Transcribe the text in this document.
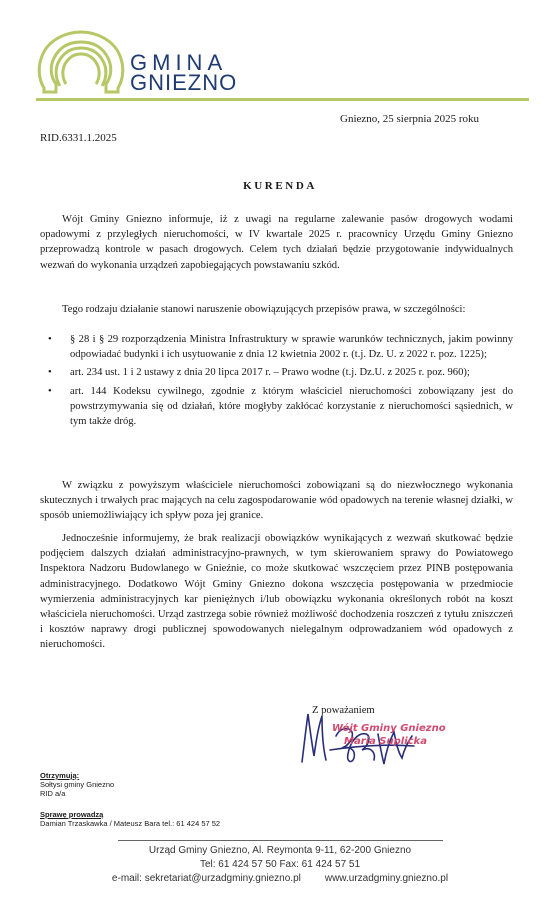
GMINA
GNIEZNO
Gniezno, 25 sierpnia 2025 roku
RID.6331.1.2025
KURENDA

Wójt Gminy Gniezno informuje, iż z uwagi na regularne zalewanie pasów drogowych wodami opadowymi z przyległych nieruchomości, w IV kwartale 2025 r. pracownicy Urzędu Gminy Gniezno przeprowadzą kontrole w pasach drogowych. Celem tych działań będzie przygotowanie indywidualnych wezwań do wykonania urządzeń zapobiegających powstawaniu szkód.

Tego rodzaju działanie stanowi naruszenie obowiązujących przepisów prawa, w szczególności:

• § 28 i § 29 rozporządzenia Ministra Infrastruktury w sprawie warunków technicznych, jakim powinny odpowiadać budynki i ich usytuowanie z dnia 12 kwietnia 2002 r. (t.j. Dz. U. z 2022 r. poz. 1225);
• art. 234 ust. 1 i 2 ustawy z dnia 20 lipca 2017 r. – Prawo wodne (t.j. Dz.U. z 2025 r. poz. 960);
• art. 144 Kodeksu cywilnego, zgodnie z którym właściciel nieruchomości zobowiązany jest do powstrzymywania się od działań, które mogłyby zakłócać korzystanie z nieruchomości sąsiednich, w tym także dróg.

W związku z powyższym właściciele nieruchomości zobowiązani są do niezwłocznego wykonania skutecznych i trwałych prac mających na celu zagospodarowanie wód opadowych na terenie własnej działki, w sposób uniemożliwiający ich spływ poza jej granice.

Jednocześnie informujemy, że brak realizacji obowiązków wynikających z wezwań skutkować będzie podjęciem dalszych działań administracyjno-prawnych, w tym skierowaniem sprawy do Powiatowego Inspektora Nadzoru Budowlanego w Gnieźnie, co może skutkować wszczęciem przez PINB postępowania administracyjnego. Dodatkowo Wójt Gminy Gniezno dokona wszczęcia postępowania w przedmiocie wymierzenia administracyjnych kar pieniężnych i/lub obowiązku wykonania określonych robót na koszt właściciela nieruchomości. Urząd zastrzega sobie również możliwość dochodzenia roszczeń z tytułu zniszczeń i kosztów naprawy drogi publicznej spowodowanych nielegalnym odprowadzaniem wód opadowych z nieruchomości.

Z poważaniem
Wójt Gminy Gniezno
Maria Suplicka
Otrzymują:
Sołtysi gminy Gniezno
RID a/a
Sprawę prowadzą
Damian Trzaskawka / Mateusz Bara tel.: 61 424 57 52
Urząd Gminy Gniezno, Al. Reymonta 9-11, 62-200 Gniezno
Tel: 61 424 57 50 Fax: 61 424 57 51
e-mail: sekretariat@urzadgminy.gniezno.pl www.urzadgminy.gniezno.pl
